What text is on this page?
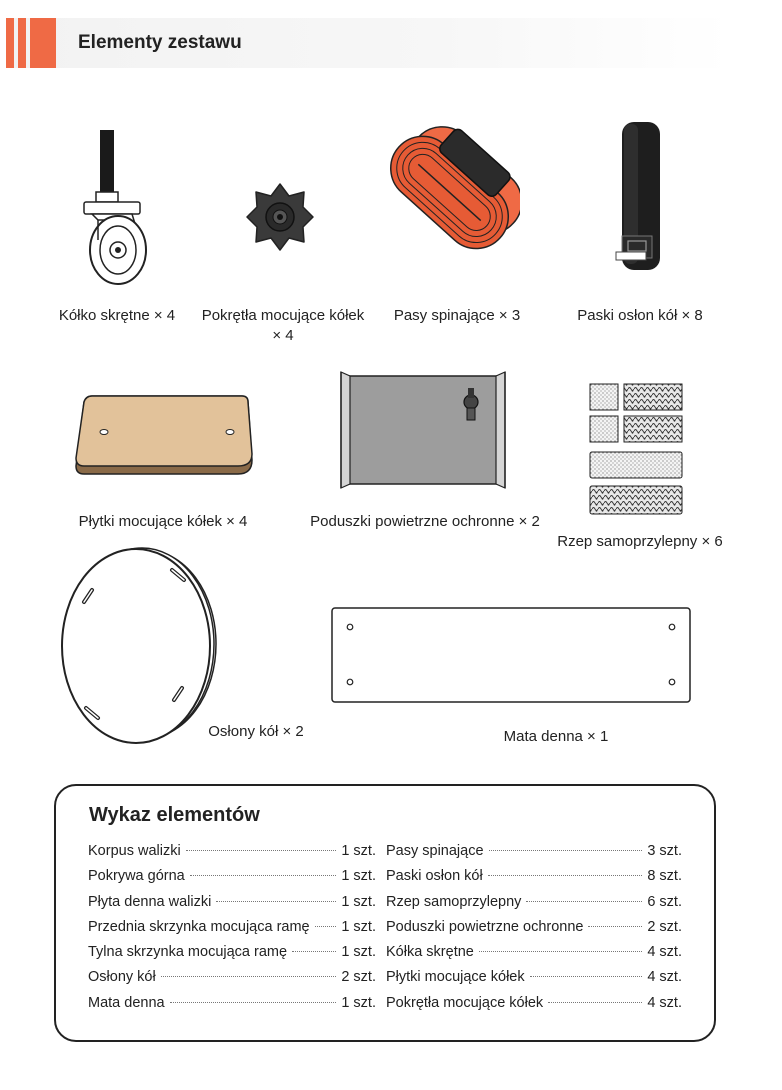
Elementy zestawu
Kółko skrętne × 4	Pokrętła mocujące kółek × 4
Pasy spinające × 3	Paski osłon kół × 8
Płytki mocujące kółek × 4	Poduszki powietrzne ochronne × 2
Rzep samoprzylepny × 6
Osłony kół × 2	Mata denna × 1
Wykaz elementów
Korpus walizki	1 szt.
Pokrywa górna	1 szt.
Płyta denna walizki	1 szt.
Przednia skrzynka mocująca ramę 1 szt.
Tylna skrzynka mocująca ramę	1 szt.
Osłony kół	2 szt.
Mata denna	1 szt.
Pasy spinające	3 szt.
Paski osłon kół	8 szt.
Rzep samoprzylepny	6 szt.
Poduszki powietrzne ochronne	2 szt.
Kółka skrętne	4 szt.
Płytki mocujące kółek	4 szt.
Pokrętła mocujące kółek	4 szt.
